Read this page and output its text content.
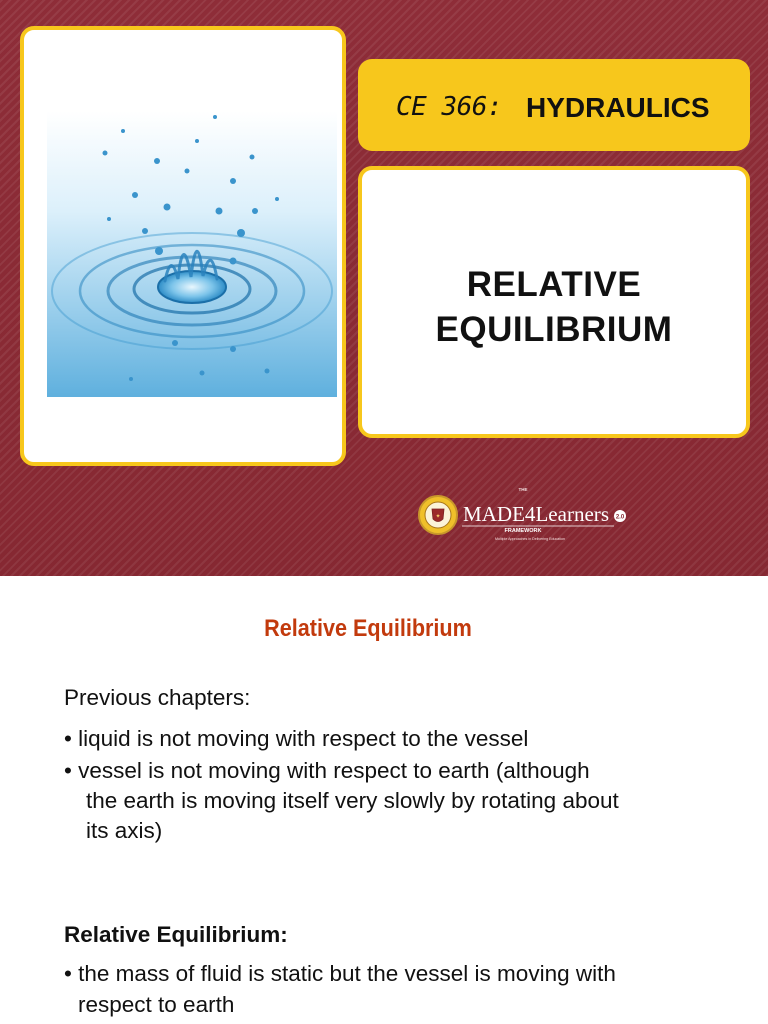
CE 366: HYDRAULICS
RELATIVE
EQUILIBRIUM
✦
THE
MADE4Learners 2.0
FRAMEWORK
Multiple Approaches in Delivering Education
Relative Equilibrium
Previous chapters:
• liquid is not moving with respect to the vessel
• vessel is not moving with respect to earth (although
the earth is moving itself very slowly by rotating about
its axis)
Relative Equilibrium:
• the mass of fluid is static but the vessel is moving with
respect to earth
